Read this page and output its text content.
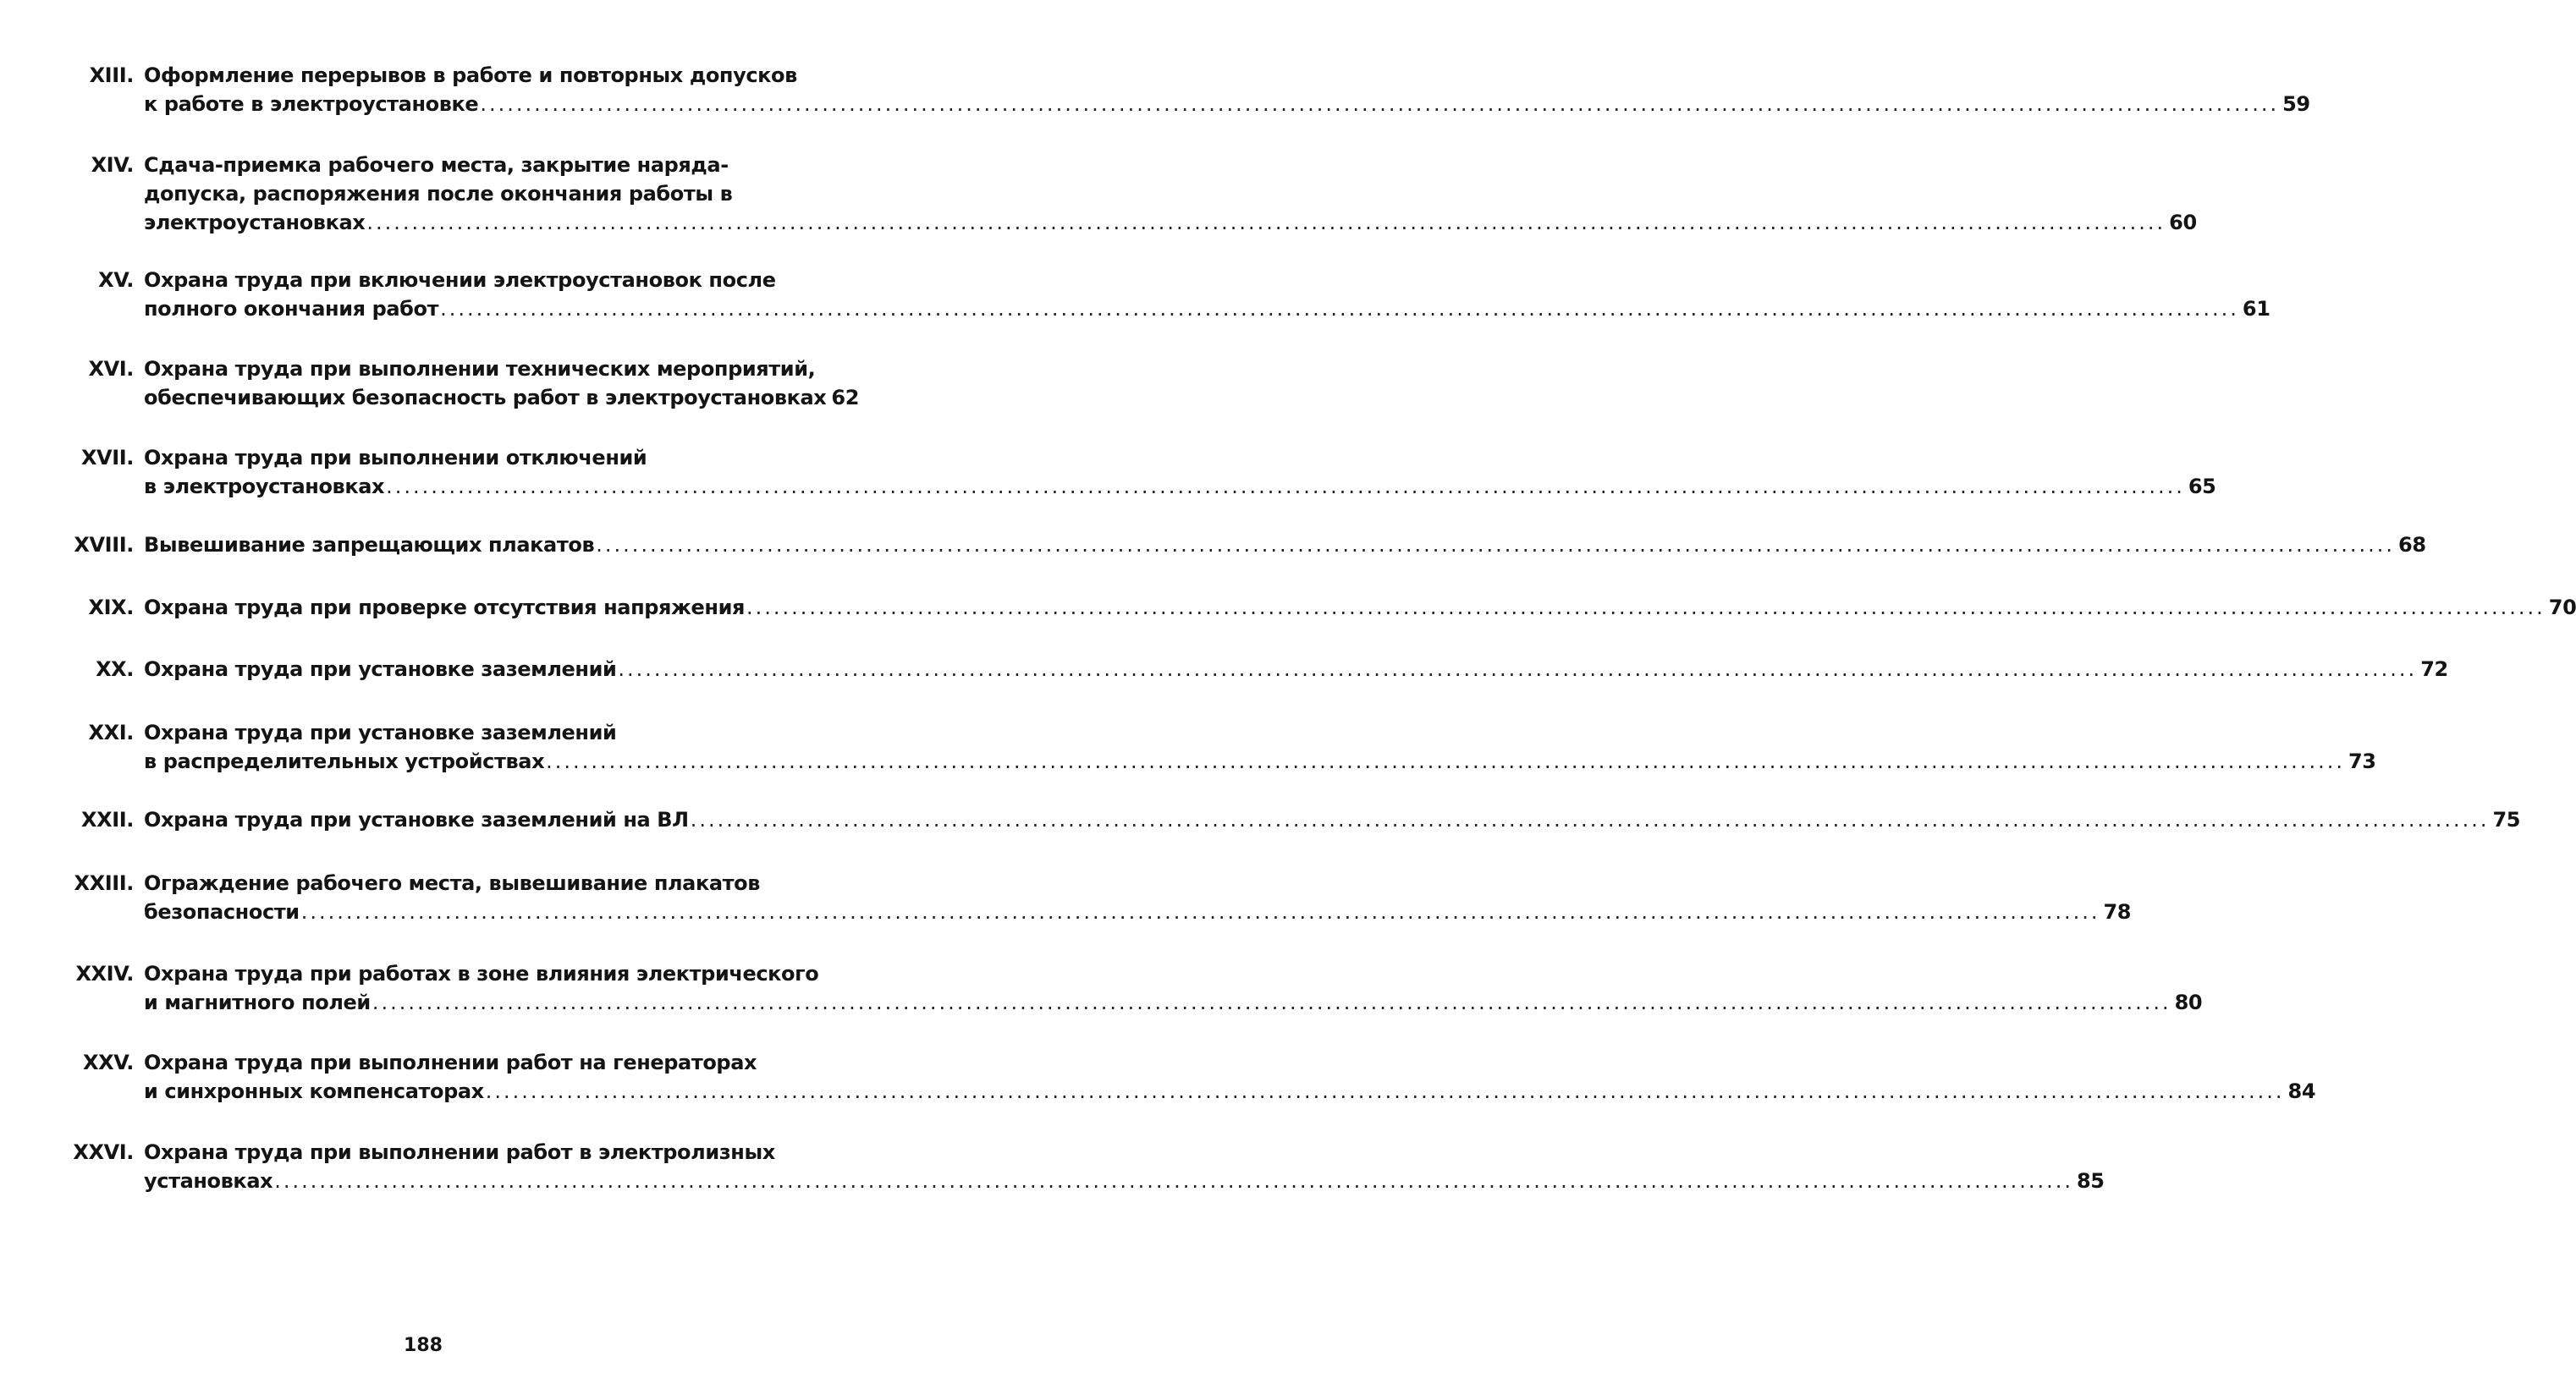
XIII. Оформление перерывов в работе и повторных допусков
к работе в электроустановке ........................................................................................................................................................................................................ 59
XIV. Сдача-приемка рабочего места, закрытие наряда-
допуска, распоряжения после окончания работы в
электроустановках ........................................................................................................................................................................................................ 60
XV. Охрана труда при включении электроустановок после
полного окончания работ ........................................................................................................................................................................................................ 61
XVI. Охрана труда при выполнении технических мероприятий,
обеспечивающих безопасность работ в электроустановках 62
XVII. Охрана труда при выполнении отключений
в электроустановках ........................................................................................................................................................................................................ 65
XVIII. Вывешивание запрещающих плакатов ........................................................................................................................................................................................................ 68
XIX. Охрана труда при проверке отсутствия напряжения ........................................................................................................................................................................................................ 70
XX. Охрана труда при установке заземлений ........................................................................................................................................................................................................ 72
XXI. Охрана труда при установке заземлений
в распределительных устройствах ........................................................................................................................................................................................................ 73
XXII. Охрана труда при установке заземлений на ВЛ ........................................................................................................................................................................................................ 75
XXIII. Ограждение рабочего места, вывешивание плакатов
безопасности ........................................................................................................................................................................................................ 78
XXIV. Охрана труда при работах в зоне влияния электрического
и магнитного полей ........................................................................................................................................................................................................ 80
XXV. Охрана труда при выполнении работ на генераторах
и синхронных компенсаторах ........................................................................................................................................................................................................ 84
XXVI. Охрана труда при выполнении работ в электролизных
установках ........................................................................................................................................................................................................ 85
188
